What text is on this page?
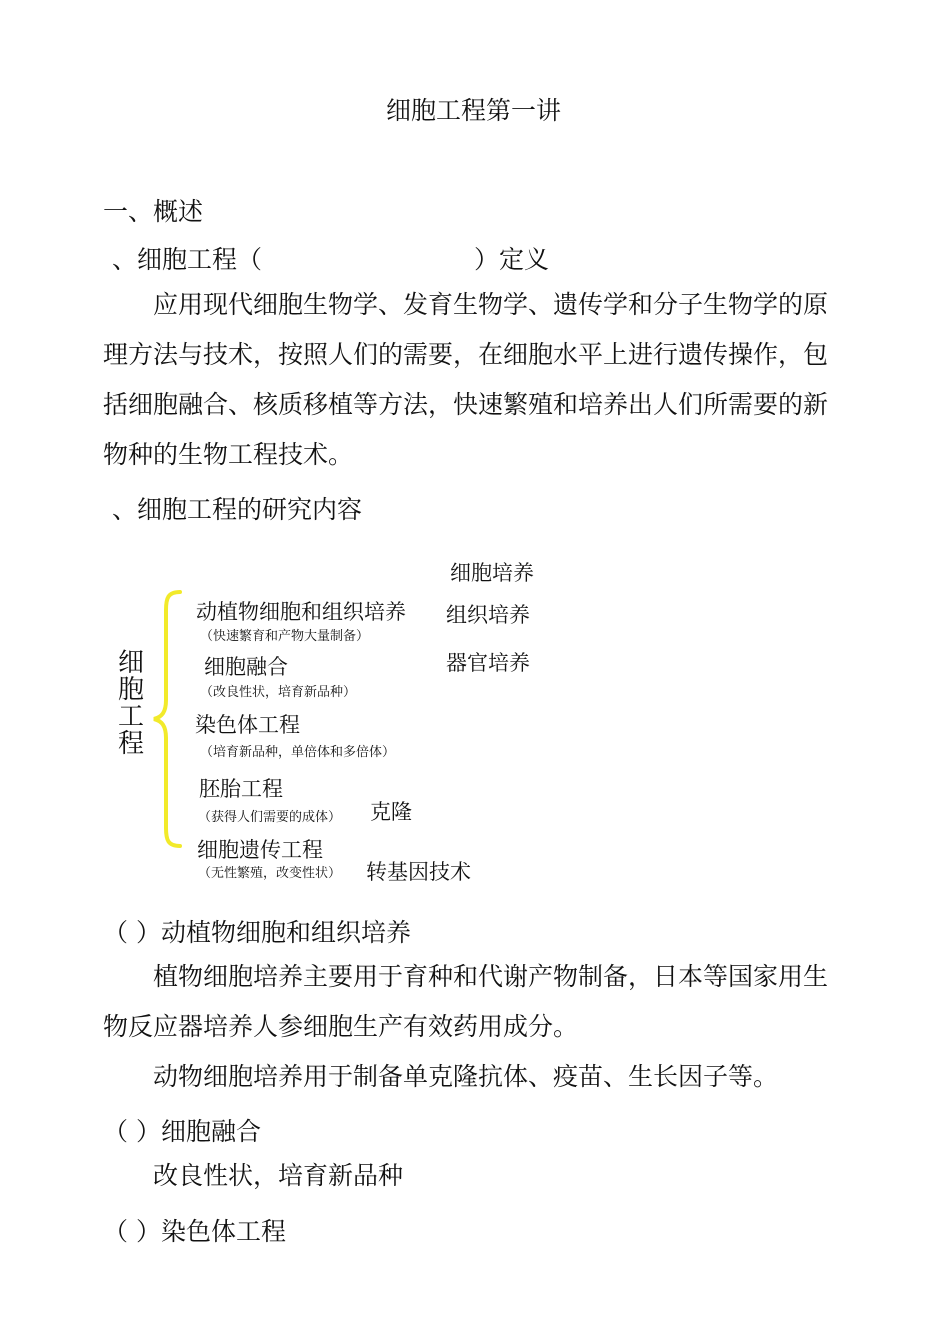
细胞工程第一讲
一、概述
、细胞工程（	）定义
应用现代细胞生物学、发育生物学、遗传学和分子生物学的原
理方法与技术，按照人们的需要，在细胞水平上进行遗传操作，包
括细胞融合、核质移植等方法，快速繁殖和培养出人们所需要的新
物种的生物工程技术。
、细胞工程的研究内容
细
胞
工
程
动植物细胞和组织培养
（快速繁育和产物大量制备）
细胞融合
（改良性状，培育新品种）
染色体工程
（培育新品种，单倍体和多倍体）
胚胎工程
（获得人们需要的成体）
细胞遗传工程
（无性繁殖，改变性状）
细胞培养
组织培养
器官培养
克隆
转基因技术
（ ）动植物细胞和组织培养
植物细胞培养主要用于育种和代谢产物制备，日本等国家用生
物反应器培养人参细胞生产有效药用成分。
动物细胞培养用于制备单克隆抗体、疫苗、生长因子等。
（ ）细胞融合
改良性状，培育新品种
（ ）染色体工程
